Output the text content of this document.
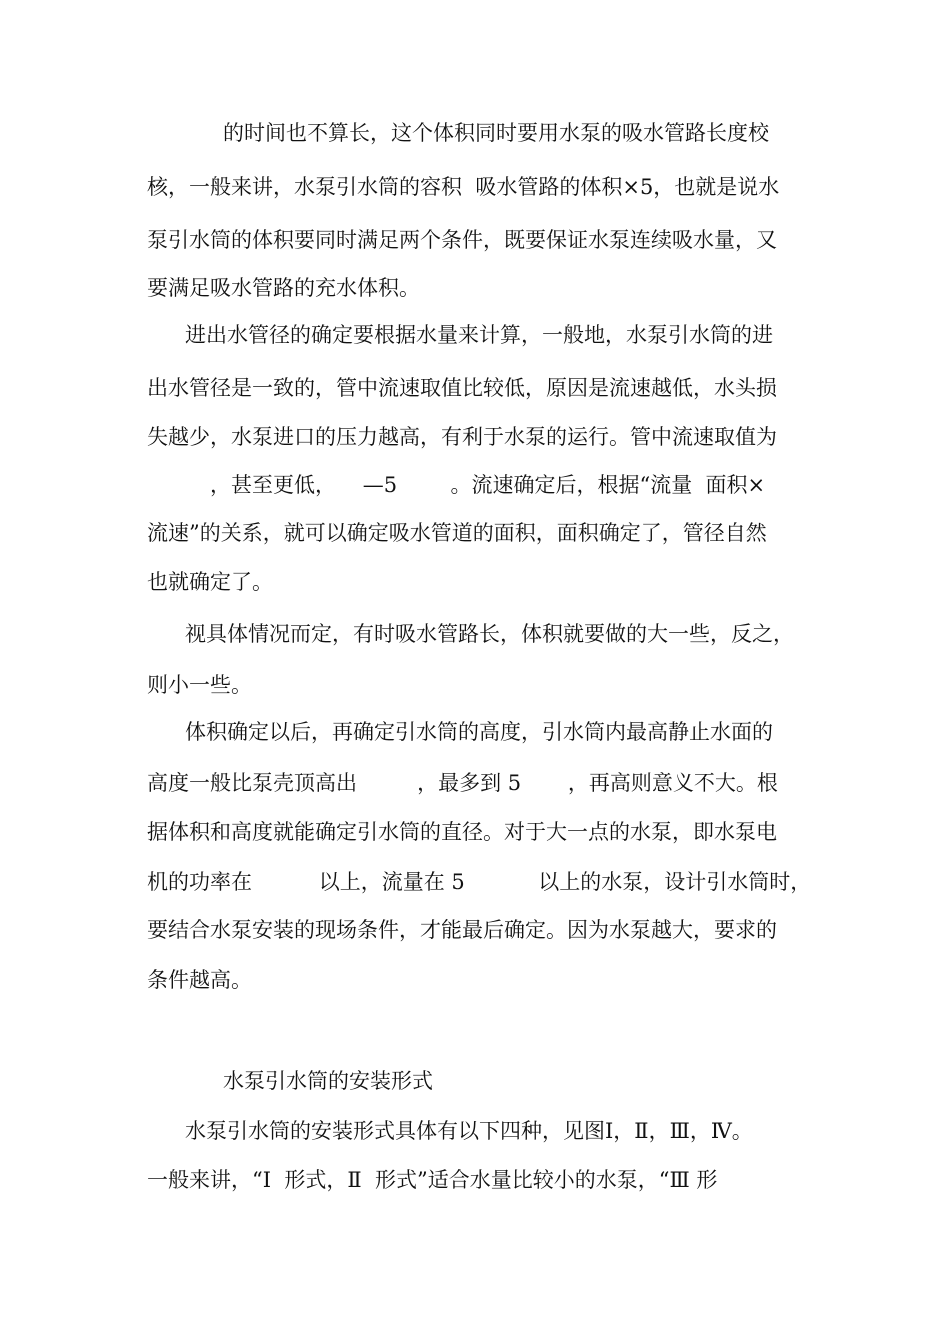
的时间也不算长，这个体积同时要用水泵的吸水管路长度校
核，一般来讲，水泵引水筒的容积  吸水管路的体积×5，也就是说水
泵引水筒的体积要同时满足两个条件，既要保证水泵连续吸水量，又
要满足吸水管路的充水体积。
进出水管径的确定要根据水量来计算，一般地，水泵引水筒的进
出水管径是一致的，管中流速取值比较低，原因是流速越低，水头损
失越少，水泵进口的压力越高，有利于水泵的运行。管中流速取值为
，甚至更低，    —5        。流速确定后，根据“流量  面积×
流速”的关系，就可以确定吸水管道的面积，面积确定了，管径自然
也就确定了。
视具体情况而定，有时吸水管路长，体积就要做的大一些，反之，
则小一些。
体积确定以后，再确定引水筒的高度，引水筒内最高静止水面的
高度一般比泵壳顶高出         ，最多到 5       ，再高则意义不大。根
据体积和高度就能确定引水筒的直径。对于大一点的水泵，即水泵电
机的功率在          以上，流量在 5           以上的水泵，设计引水筒时，
要结合水泵安装的现场条件，才能最后确定。因为水泵越大，要求的
条件越高。
水泵引水筒的安装形式
水泵引水筒的安装形式具体有以下四种，见图Ⅰ，Ⅱ，Ⅲ，Ⅳ。
一般来讲，“Ⅰ  形式，Ⅱ  形式”适合水量比较小的水泵，“Ⅲ 形
